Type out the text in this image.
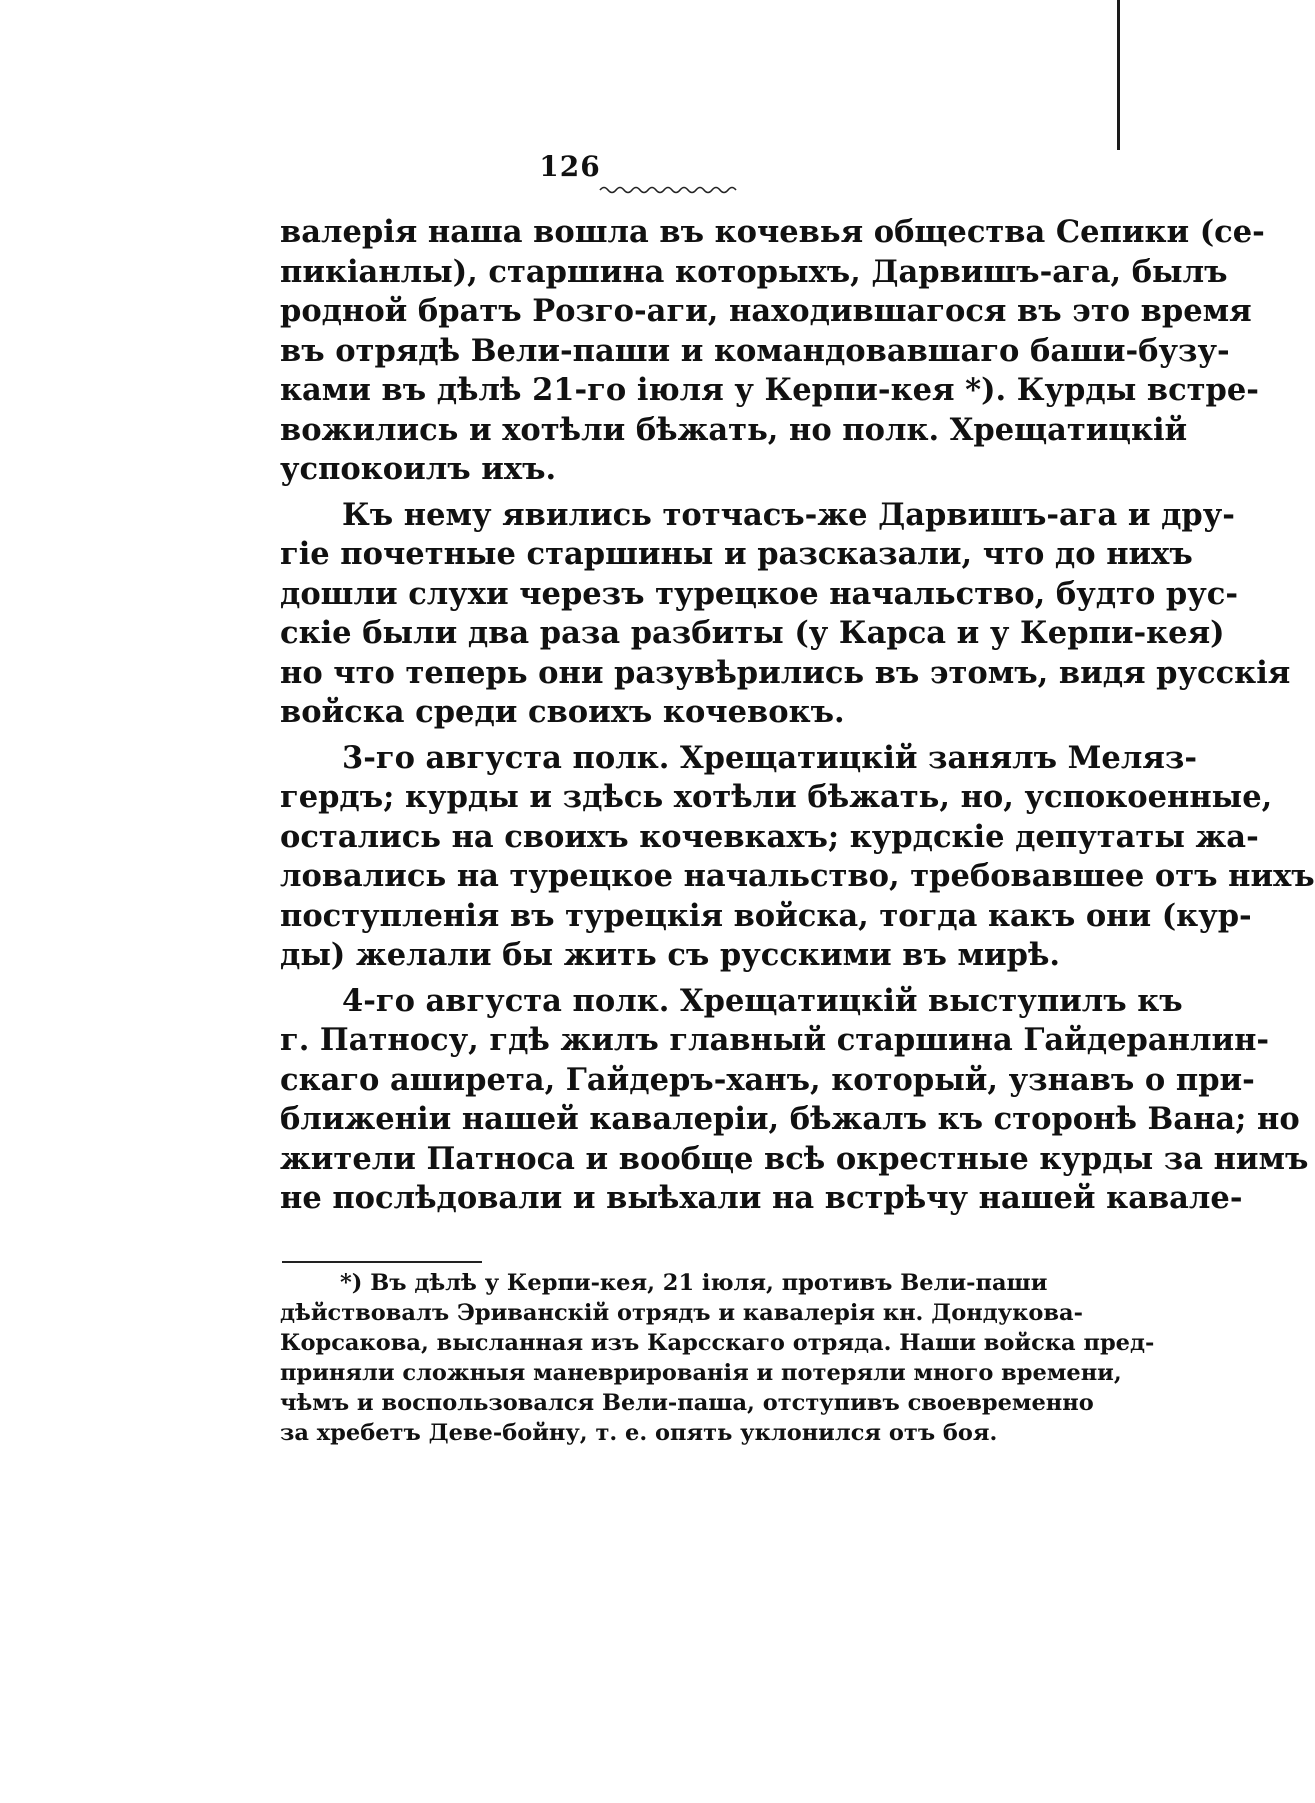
126
валерія наша вошла въ кочевья общества Сепики (се-
пикіанлы), старшина которыхъ, Дарвишъ-ага, былъ
родной братъ Розго-аги, находившагося въ это время
въ отрядѣ Вели-паши и командовавшаго баши-бузу-
ками въ дѣлѣ 21-го іюля у Керпи-кея *). Курды встре-
вожились и хотѣли бѣжать, но полк. Хрещатицкій
успокоилъ ихъ.
Къ нему явились тотчасъ-же Дарвишъ-ага и дру-
гіе почетные старшины и разсказали, что до нихъ
дошли слухи черезъ турецкое начальство, будто рус-
скіе были два раза разбиты (у Карса и у Керпи-кея)
но что теперь они разувѣрились въ этомъ, видя русскія
войска среди своихъ кочевокъ.
3-го августа полк. Хрещатицкій занялъ Меляз-
гердъ; курды и здѣсь хотѣли бѣжать, но, успокоенные,
остались на своихъ кочевкахъ; курдскіе депутаты жа-
ловались на турецкое начальство, требовавшее отъ нихъ
поступленія въ турецкія войска, тогда какъ они (кур-
ды) желали бы жить съ русскими въ мирѣ.
4-го августа полк. Хрещатицкій выступилъ къ
г. Патносу, гдѣ жилъ главный старшина Гайдеранлин-
скаго аширета, Гайдеръ-ханъ, который, узнавъ о при-
ближеніи нашей кавалеріи, бѣжалъ къ сторонѣ Вана; но
жители Патноса и вообще всѣ окрестные курды за нимъ
не послѣдовали и выѣхали на встрѣчу нашей кавале-
*) Въ дѣлѣ у Керпи-кея, 21 іюля, противъ Вели-паши
дѣйствовалъ Эриванскій отрядъ и кавалерія кн. Дондукова-
Корсакова, высланная изъ Карсскаго отряда. Наши войска пред-
приняли сложныя маневрированія и потеряли много времени,
чѣмъ и воспользовался Вели-паша, отступивъ своевременно
за хребетъ Деве-бойну, т. е. опять уклонился отъ боя.
